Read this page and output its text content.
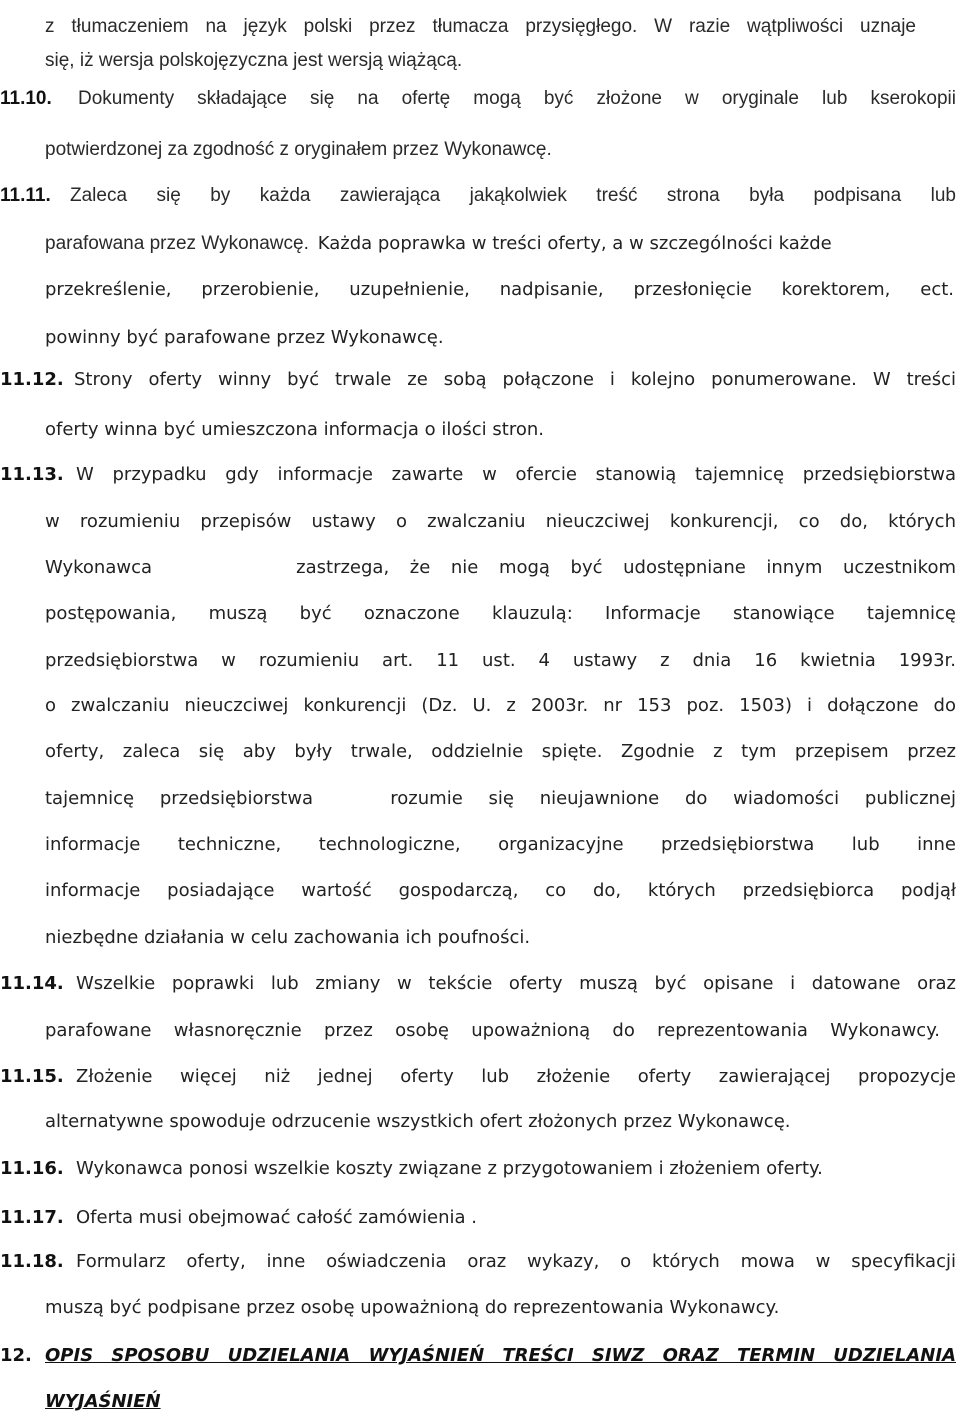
z tłumaczeniem na język polski przez tłumacza przysięgłego. W razie wątpliwości uznaje
się, iż wersja polskojęzyczna jest wersją wiążącą.
11.10.	Dokumenty składające się na ofertę mogą być złożone w oryginale lub kserokopii
potwierdzonej za zgodność z oryginałem przez Wykonawcę.
11.11.	Zaleca się by każda zawierająca jakąkolwiek treść strona była podpisana lub
parafowana przez Wykonawcę. Każda poprawka w treści oferty, a w szczególności każde
przekreślenie, przerobienie, uzupełnienie, nadpisanie, przesłonięcie korektorem, ect.
powinny być parafowane przez Wykonawcę.
11.12. Strony oferty winny być trwale ze sobą połączone i kolejno ponumerowane. W treści
oferty winna być umieszczona informacja o ilości stron.
11.13. W przypadku gdy informacje zawarte w ofercie stanowią tajemnicę przedsiębiorstwa
w rozumieniu przepisów ustawy o zwalczaniu nieuczciwej konkurencji, co do, których
Wykonawca       zastrzega, że nie mogą być udostępniane innym uczestnikom
postępowania, muszą być oznaczone klauzulą: Informacje stanowiące tajemnicę
przedsiębiorstwa w rozumieniu art. 11 ust. 4 ustawy z dnia 16 kwietnia 1993r.
o zwalczaniu nieuczciwej konkurencji (Dz. U. z 2003r. nr 153 poz. 1503) i dołączone do
oferty, zaleca się aby były trwale, oddzielnie spięte. Zgodnie z tym przepisem przez
tajemnicę przedsiębiorstwa   rozumie się nieujawnione do wiadomości publicznej
informacje techniczne, technologiczne, organizacyjne przedsiębiorstwa lub inne
informacje posiadające wartość gospodarczą, co do, których przedsiębiorca podjął
niezbędne działania w celu zachowania ich poufności.
11.14. Wszelkie poprawki lub zmiany w tekście oferty muszą być opisane i datowane oraz
parafowane własnoręcznie przez osobę upoważnioną do reprezentowania Wykonawcy.
11.15. Złożenie więcej niż jednej oferty lub złożenie oferty zawierającej propozycje
alternatywne spowoduje odrzucenie wszystkich ofert złożonych przez Wykonawcę.
11.16. Wykonawca ponosi wszelkie koszty związane z przygotowaniem i złożeniem oferty.
11.17. Oferta musi obejmować całość zamówienia .
11.18. Formularz oferty, inne oświadczenia oraz wykazy, o których mowa w specyfikacji
muszą być podpisane przez osobę upoważnioną do reprezentowania Wykonawcy.
12. OPIS SPOSOBU UDZIELANIA WYJAŚNIEŃ TREŚCI SIWZ ORAZ TERMIN UDZIELANIA
WYJAŚNIEŃ
